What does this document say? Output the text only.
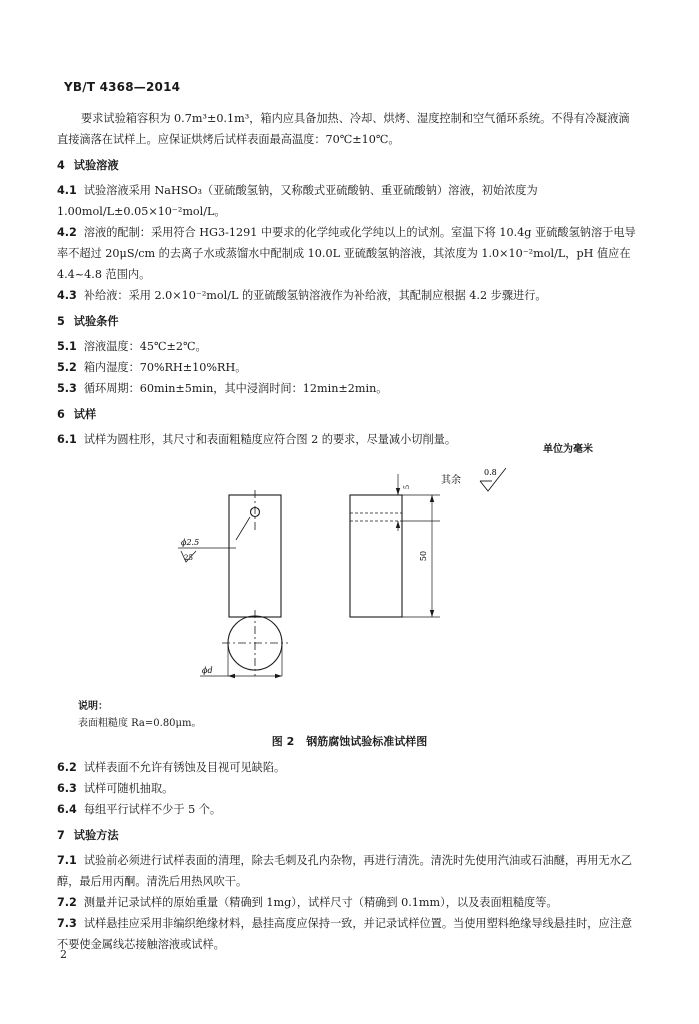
YB/T 4368—2014

要求试验箱容积为 0.7m³±0.1m³，箱内应具备加热、冷却、烘烤、湿度控制和空气循环系统。不得有冷凝液滴直接滴落在试样上。应保证烘烤后试样表面最高温度：70℃±10℃。

4 试验溶液

4.1 试验溶液采用 NaHSO₃（亚硫酸氢钠，又称酸式亚硫酸钠、重亚硫酸钠）溶液，初始浓度为 1.00mol/L±0.05×10⁻²mol/L。

4.2 溶液的配制：采用符合 HG3-1291 中要求的化学纯或化学纯以上的试剂。室温下将 10.4g 亚硫酸氢钠溶于电导率不超过 20μS/cm 的去离子水或蒸馏水中配制成 10.0L 亚硫酸氢钠溶液，其浓度为 1.0×10⁻²mol/L，pH 值应在 4.4~4.8 范围内。

4.3 补给液：采用 2.0×10⁻²mol/L 的亚硫酸氢钠溶液作为补给液，其配制应根据 4.2 步骤进行。

5 试验条件

5.1 溶液温度：45℃±2℃。

5.2 箱内湿度：70%RH±10%RH。

5.3 循环周期：60min±5min，其中浸润时间：12min±2min。

6 试样

6.1 试样为圆柱形，其尺寸和表面粗糙度应符合图 2 的要求，尽量减小切削量。

单位为毫米
其余
0.8
ϕ2.5
25
5
50
ϕd
说明：
表面粗糙度 Ra=0.80μm。
图 2 钢筋腐蚀试验标准试样图

6.2 试样表面不允许有锈蚀及目视可见缺陷。

6.3 试样可随机抽取。

6.4 每组平行试样不少于 5 个。

7 试验方法

7.1 试验前必须进行试样表面的清理，除去毛刺及孔内杂物，再进行清洗。清洗时先使用汽油或石油醚，再用无水乙醇，最后用丙酮。清洗后用热风吹干。

7.2 测量并记录试样的原始重量（精确到 1mg），试样尺寸（精确到 0.1mm），以及表面粗糙度等。

7.3 试样悬挂应采用非编织绝缘材料，悬挂高度应保持一致，并记录试样位置。当使用塑料绝缘导线悬挂时，应注意不要使金属线芯接触溶液或试样。

2
